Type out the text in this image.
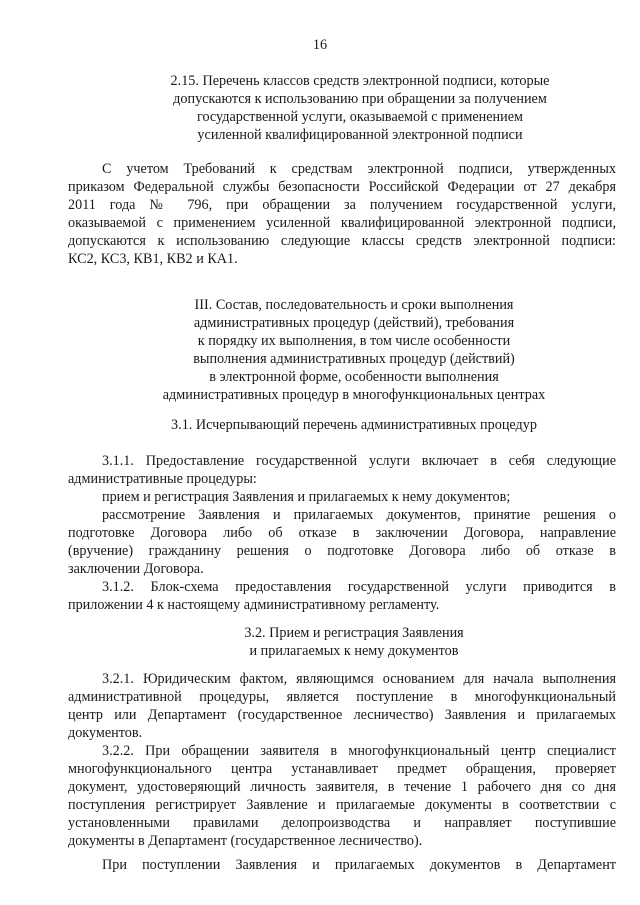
16
2.15. Перечень классов средств электронной подписи, которые
допускаются к использованию при обращении за получением
государственной услуги, оказываемой с применением
усиленной квалифицированной электронной подписи
С учетом Требований к средствам электронной подписи, утвержденных
приказом Федеральной службы безопасности Российской Федерации от 27 декабря
2011 года № 796, при обращении за получением государственной услуги,
оказываемой с применением усиленной квалифицированной электронной подписи,
допускаются к использованию следующие классы средств электронной подписи:
КС2, КС3, КВ1, КВ2 и КА1.
III. Состав, последовательность и сроки выполнения
административных процедур (действий), требования
к порядку их выполнения, в том числе особенности
выполнения административных процедур (действий)
в электронной форме, особенности выполнения
административных процедур в многофункциональных центрах
3.1. Исчерпывающий перечень административных процедур
3.1.1. Предоставление государственной услуги включает в себя следующие
административные процедуры:
прием и регистрация Заявления и прилагаемых к нему документов;
рассмотрение Заявления и прилагаемых документов, принятие решения о
подготовке Договора либо об отказе в заключении Договора, направление
(вручение) гражданину решения о подготовке Договора либо об отказе в
заключении Договора.
3.1.2. Блок-схема предоставления государственной услуги приводится в
приложении 4 к настоящему административному регламенту.
3.2. Прием и регистрация Заявления
и прилагаемых к нему документов
3.2.1. Юридическим фактом, являющимся основанием для начала выполнения
административной процедуры, является поступление в многофункциональный
центр или Департамент (государственное лесничество) Заявления и прилагаемых
документов.
3.2.2. При обращении заявителя в многофункциональный центр специалист
многофункционального центра устанавливает предмет обращения, проверяет
документ, удостоверяющий личность заявителя, в течение 1 рабочего дня со дня
поступления регистрирует Заявление и прилагаемые документы в соответствии с
установленными правилами делопроизводства и направляет поступившие
документы в Департамент (государственное лесничество).
При поступлении Заявления и прилагаемых документов в Департамент
